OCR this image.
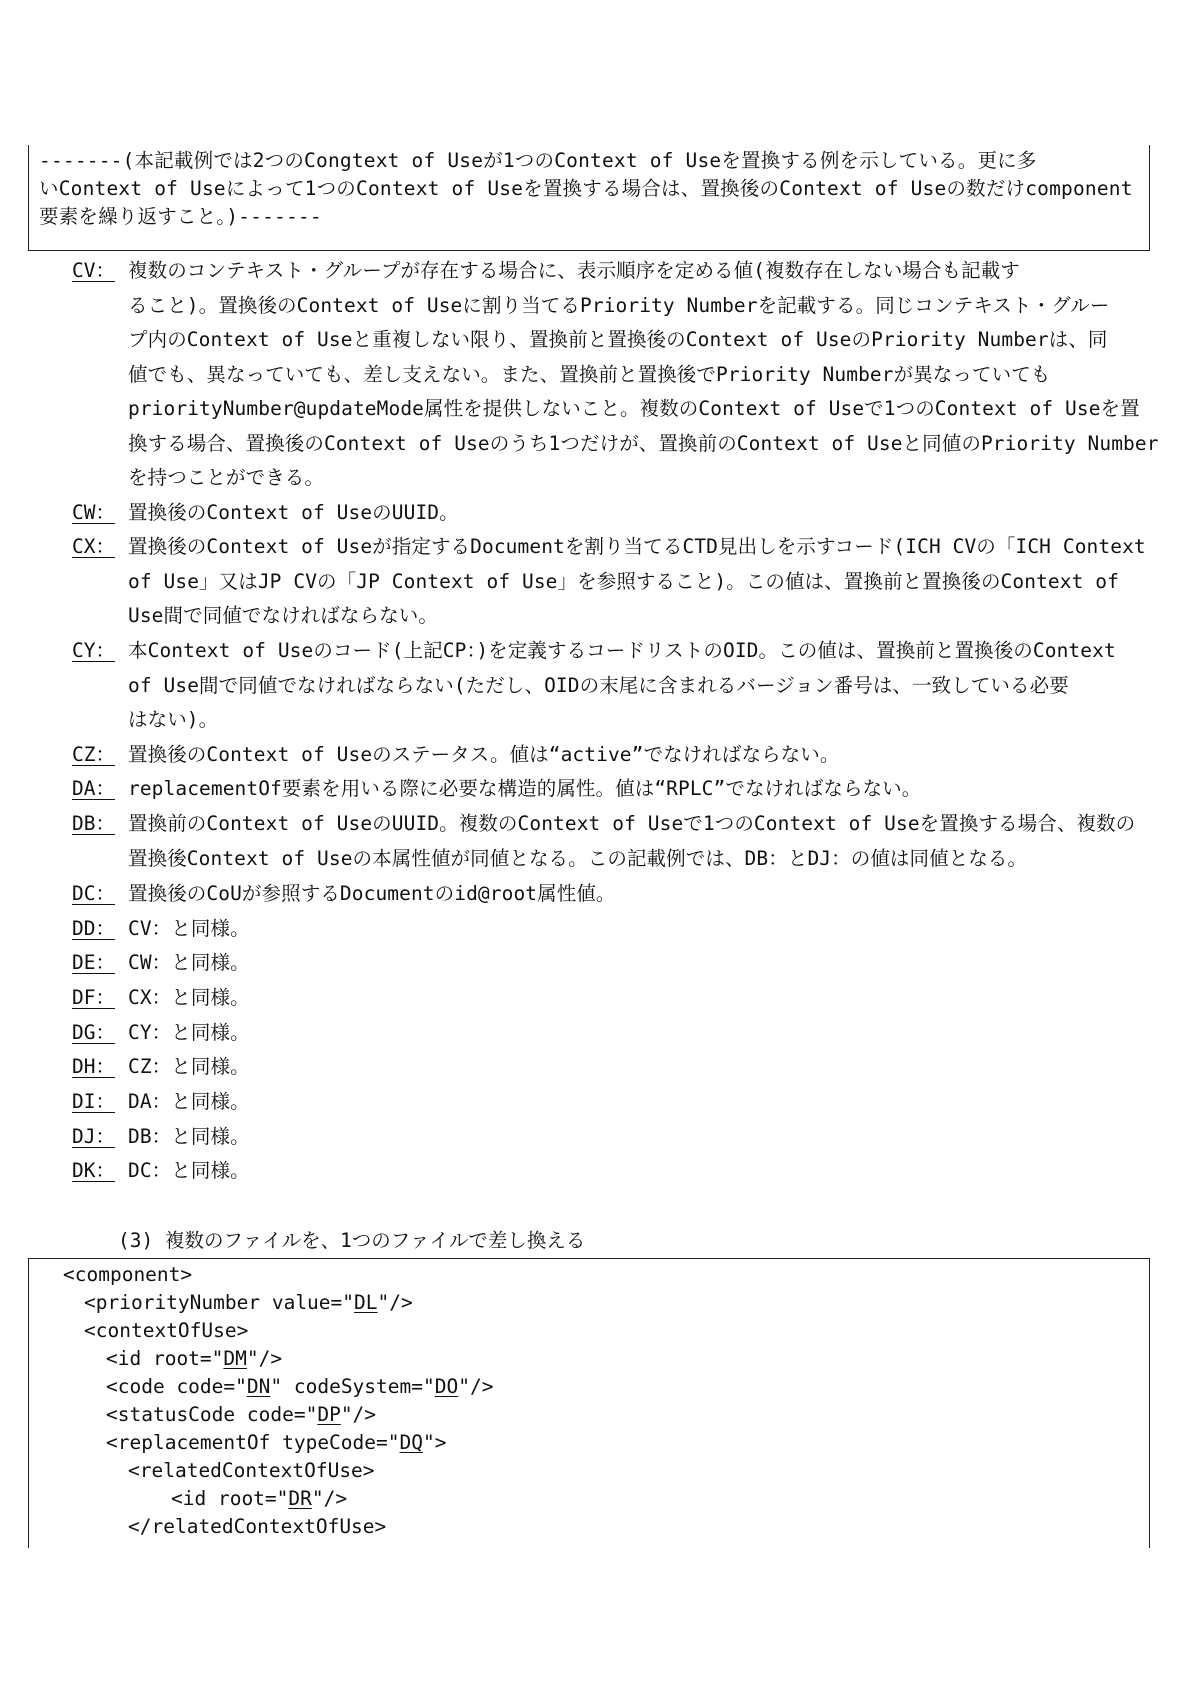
-------(本記載例では2つのCongtext of Useが1つのContext of Useを置換する例を示している。更に多
いContext of Useによって1つのContext of Useを置換する場合は、置換後のContext of Useの数だけcomponent
要素を繰り返すこと。)-------
CV： 複数のコンテキスト・グループが存在する場合に、表示順序を定める値(複数存在しない場合も記載す
ること)。置換後のContext of Useに割り当てるPriority Numberを記載する。同じコンテキスト・グルー
プ内のContext of Useと重複しない限り、置換前と置換後のContext of UseのPriority Numberは、同
値でも、異なっていても、差し支えない。また、置換前と置換後でPriority Numberが異なっていても
priorityNumber@updateMode属性を提供しないこと。複数のContext of Useで1つのContext of Useを置
換する場合、置換後のContext of Useのうち1つだけが、置換前のContext of Useと同値のPriority Number
を持つことができる。
CW： 置換後のContext of UseのUUID。
CX： 置換後のContext of Useが指定するDocumentを割り当てるCTD見出しを示すコード(ICH CVの「ICH Context
of Use」又はJP CVの「JP Context of Use」を参照すること)。この値は、置換前と置換後のContext of
Use間で同値でなければならない。
CY： 本Context of Useのコード(上記CP：)を定義するコードリストのOID。この値は、置換前と置換後のContext
of Use間で同値でなければならない(ただし、OIDの末尾に含まれるバージョン番号は、一致している必要
はない)。
CZ： 置換後のContext of Useのステータス。値は“active”でなければならない。
DA： replacementOf要素を用いる際に必要な構造的属性。値は“RPLC”でなければならない。
DB： 置換前のContext of UseのUUID。複数のContext of Useで1つのContext of Useを置換する場合、複数の
置換後Context of Useの本属性値が同値となる。この記載例では、DB：とDJ：の値は同値となる。
DC： 置換後のCoUが参照するDocumentのid@root属性値。
DD： CV：と同様。
DE： CW：と同様。
DF： CX：と同様。
DG： CY：と同様。
DH： CZ：と同様。
DI： DA：と同様。
DJ： DB：と同様。
DK： DC：と同様。
(3) 複数のファイルを、1つのファイルで差し換える
<component>
<priorityNumber value="DL"/>
<contextOfUse>
<id root="DM"/>
<code code="DN" codeSystem="DO"/>
<statusCode code="DP"/>
<replacementOf typeCode="DQ">
<relatedContextOfUse>
<id root="DR"/>
</relatedContextOfUse>
